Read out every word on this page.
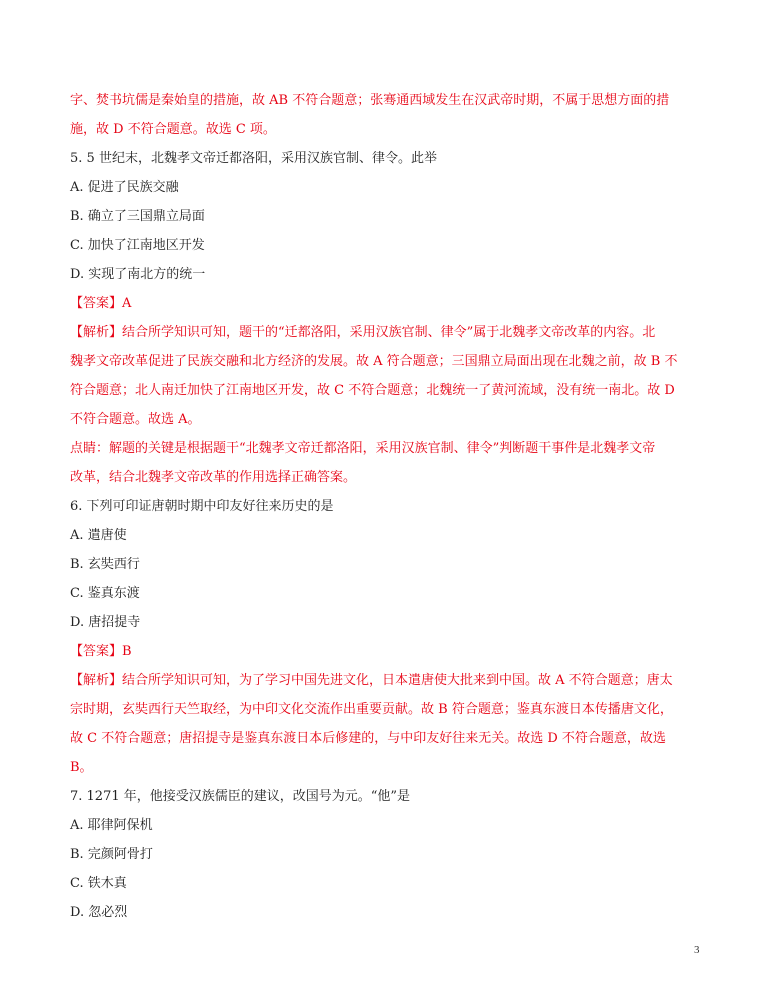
字、焚书坑儒是秦始皇的措施，故 AB 不符合题意；张骞通西域发生在汉武帝时期，不属于思想方面的措
施，故 D 不符合题意。故选 C 项。
5. 5 世纪末，北魏孝文帝迁都洛阳，采用汉族官制、律令。此举
A. 促进了民族交融
B. 确立了三国鼎立局面
C. 加快了江南地区开发
D. 实现了南北方的统一
【答案】A
【解析】结合所学知识可知，题干的“迁都洛阳，采用汉族官制、律令”属于北魏孝文帝改革的内容。北
魏孝文帝改革促进了民族交融和北方经济的发展。故 A 符合题意；三国鼎立局面出现在北魏之前，故 B 不
符合题意；北人南迁加快了江南地区开发，故 C 不符合题意；北魏统一了黄河流域，没有统一南北。故 D
不符合题意。故选 A。
点睛：解题的关键是根据题干“北魏孝文帝迁都洛阳，采用汉族官制、律令”判断题干事件是北魏孝文帝
改革，结合北魏孝文帝改革的作用选择正确答案。
6. 下列可印证唐朝时期中印友好往来历史的是
A. 遣唐使
B. 玄奘西行
C. 鉴真东渡
D. 唐招提寺
【答案】B
【解析】结合所学知识可知，为了学习中国先进文化，日本遣唐使大批来到中国。故 A 不符合题意；唐太
宗时期，玄奘西行天竺取经，为中印文化交流作出重要贡献。故 B 符合题意；鉴真东渡日本传播唐文化，
故 C 不符合题意；唐招提寺是鉴真东渡日本后修建的，与中印友好往来无关。故选 D 不符合题意，故选
B。
7. 1271 年，他接受汉族儒臣的建议，改国号为元。“他”是
A. 耶律阿保机
B. 完颜阿骨打
C. 铁木真
D. 忽必烈
3
